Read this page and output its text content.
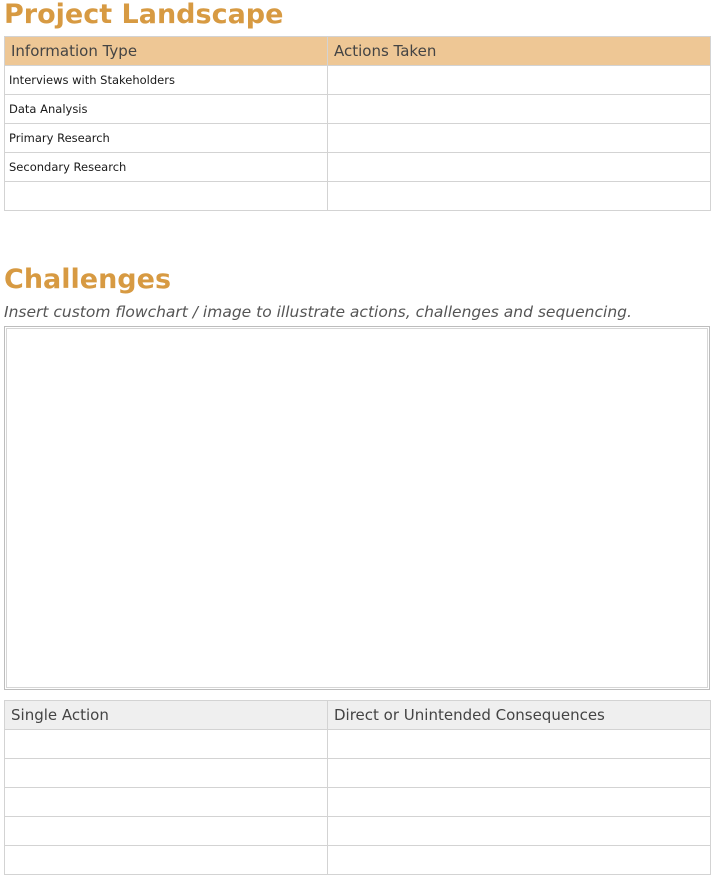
Project Landscape
Information Type	Actions Taken
Interviews with Stakeholders	
Data Analysis	
Primary Research	
Secondary Research	

Challenges

Insert custom flowchart / image to illustrate actions, challenges and sequencing.

Single Action	Direct or Unintended Consequences
